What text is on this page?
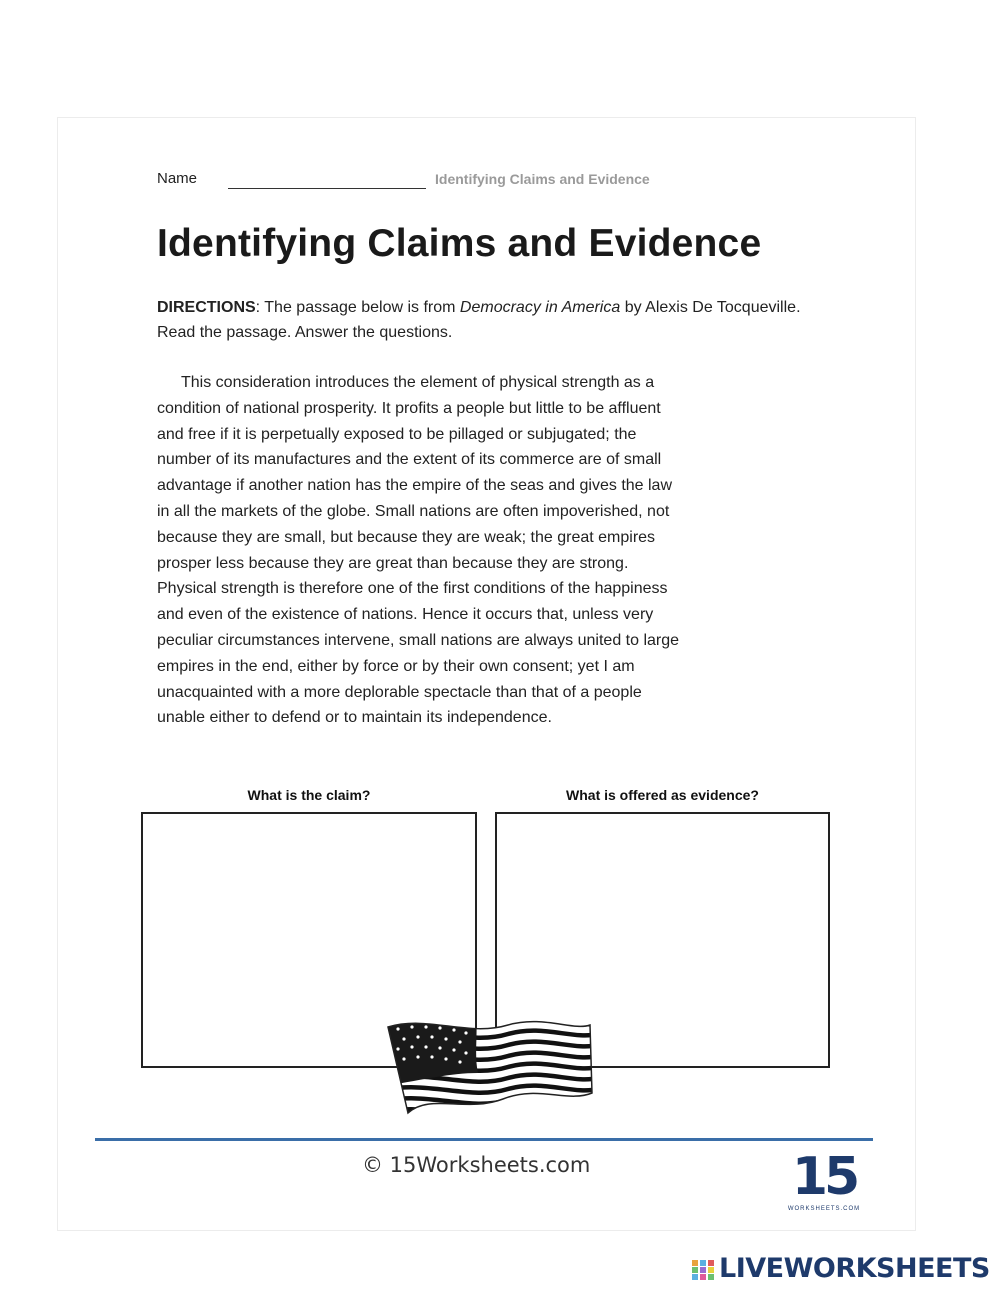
Name	Identifying Claims and Evidence
Identifying Claims and Evidence
DIRECTIONS: The passage below is from Democracy in America by Alexis De Tocqueville. Read the passage. Answer the questions.
This consideration introduces the element of physical strength as a
condition of national prosperity. It profits a people but little to be affluent
and free if it is perpetually exposed to be pillaged or subjugated; the
number of its manufactures and the extent of its commerce are of small
advantage if another nation has the empire of the seas and gives the law
in all the markets of the globe. Small nations are often impoverished, not
because they are small, but because they are weak; the great empires
prosper less because they are great than because they are strong.
Physical strength is therefore one of the first conditions of the happiness
and even of the existence of nations. Hence it occurs that, unless very
peculiar circumstances intervene, small nations are always united to large
empires in the end, either by force or by their own consent; yet I am
unacquainted with a more deplorable spectacle than that of a people
unable either to defend or to maintain its independence.
What is the claim?	What is offered as evidence?
© 15Worksheets.com	15
WORKSHEETS.COM
LIVEWORKSHEETS
